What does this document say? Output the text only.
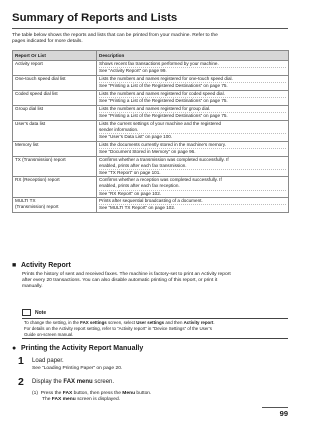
Summary of Reports and Lists

The table below shows the reports and lists that can be printed from your machine. Refer to the

pages indicated for more details.

Report Or List	Description

Activity report	Shows recent fax transactions performed by your machine.
See “Activity Report” on page 99.

One-touch speed dial list	Lists the numbers and names registered for one-touch speed dial.
See “Printing a List of the Registered Destinations” on page 75.

Coded speed dial list	Lists the numbers and names registered for coded speed dial.
See “Printing a List of the Registered Destinations” on page 75.

Group dial list	Lists the numbers and names registered for group dial.
See “Printing a List of the Registered Destinations” on page 75.

User’s data list	Lists the current settings of your machine and the registered
sender information.
See “User’s Data List” on page 100.

Memory list	Lists the documents currently stored in the machine’s memory.
See “Document Stored in Memory” on page 96.

TX (Transmission) report	Confirms whether a transmission was completed successfully. If
enabled, prints after each fax transmission.
See “TX Report” on page 101.

RX (Reception) report	Confirms whether a reception was completed successfully. If
enabled, prints after each fax reception.
See “RX Report” on page 102.

MULTI TX
(Transmission) report	Prints after sequential broadcasting of a document.
See “MULTI TX Report” on page 102.
■ Activity Report

Prints the history of sent and received faxes. The machine is factory-set to print an Activity report

after every 20 transactions. You can also disable automatic printing of this report, or print it

manually.

Note

To change the setting, in the FAX settings screen, select User settings and then Activity report.

For details on the Activity report setting, refer to “Activity report” in “Device Settings” of the User’s

Guide on-screen manual.

● Printing the Activity Report Manually
1 Load paper.
See “Loading Printing Paper” on page 20.
2 Display the FAX menu screen.
(1) Press the FAX button, then press the Menu button.
The FAX menu screen is displayed.
99
